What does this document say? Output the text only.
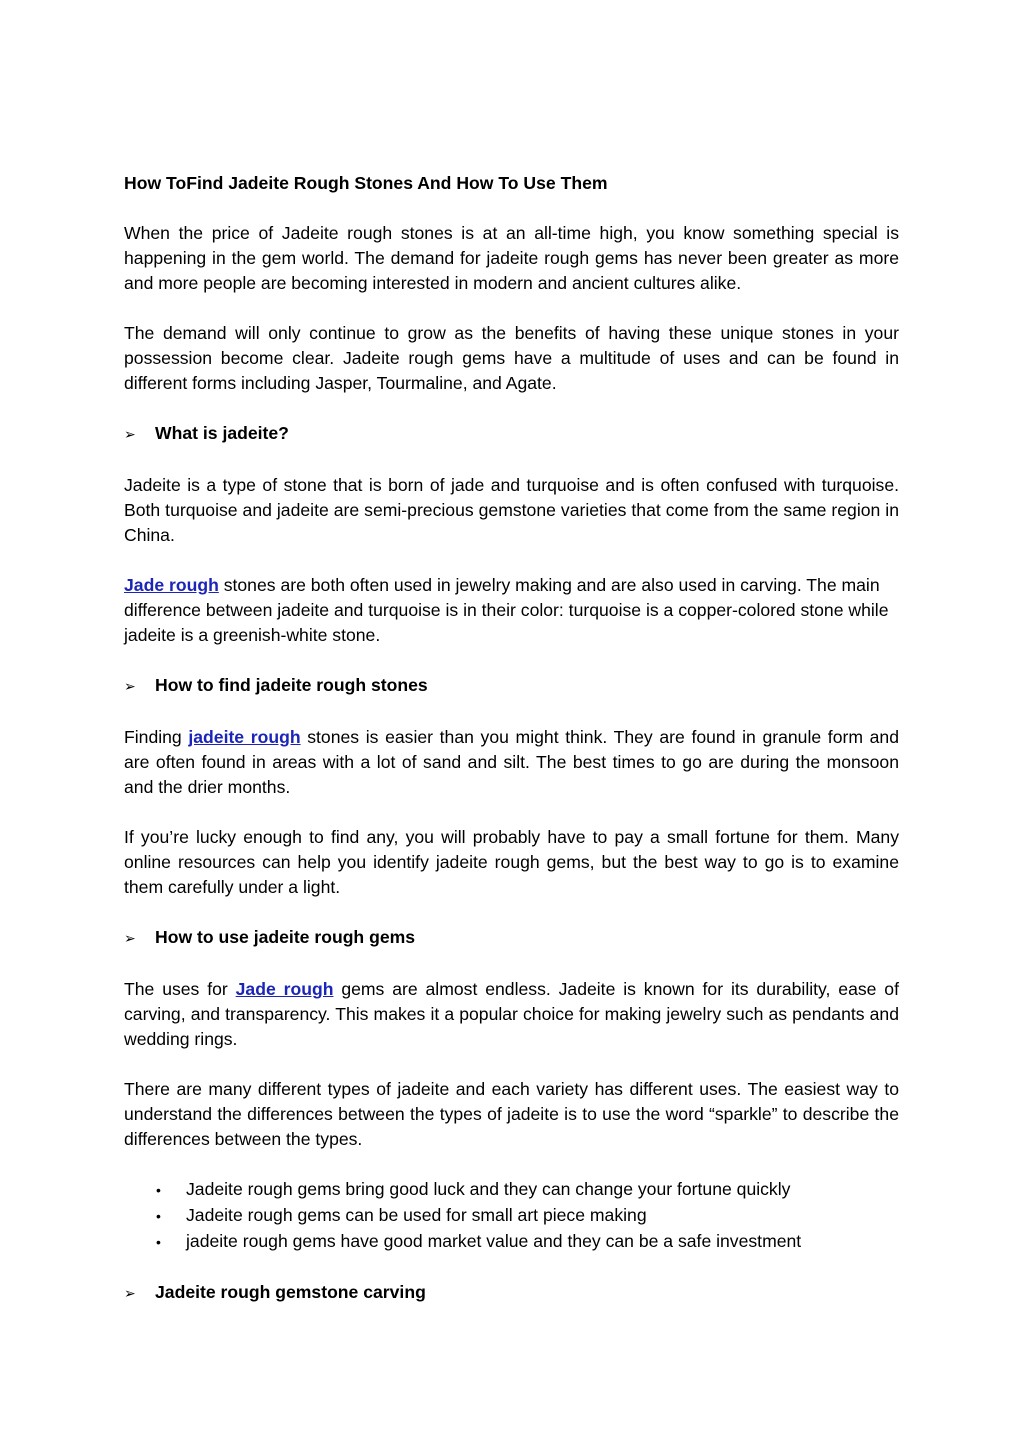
How ToFind Jadeite Rough Stones And How To Use Them

When the price of Jadeite rough stones is at an all-time high, you know something special is happening in the gem world. The demand for jadeite rough gems has never been greater as more and more people are becoming interested in modern and ancient cultures alike.

The demand will only continue to grow as the benefits of having these unique stones in your possession become clear. Jadeite rough gems have a multitude of uses and can be found in different forms including Jasper, Tourmaline, and Agate.

➢	What is jadeite?

Jadeite is a type of stone that is born of jade and turquoise and is often confused with turquoise. Both turquoise and jadeite are semi-precious gemstone varieties that come from the same region in China.

Jade rough stones are both often used in jewelry making and are also used in carving. The main difference between jadeite and turquoise is in their color: turquoise is a copper-colored stone while jadeite is a greenish-white stone.

➢	How to find jadeite rough stones

Finding jadeite rough stones is easier than you might think. They are found in granule form and are often found in areas with a lot of sand and silt. The best times to go are during the monsoon and the drier months.

If you’re lucky enough to find any, you will probably have to pay a small fortune for them. Many online resources can help you identify jadeite rough gems, but the best way to go is to examine them carefully under a light.

➢	How to use jadeite rough gems

The uses for Jade rough gems are almost endless. Jadeite is known for its durability, ease of carving, and transparency. This makes it a popular choice for making jewelry such as pendants and wedding rings.

There are many different types of jadeite and each variety has different uses. The easiest way to understand the differences between the types of jadeite is to use the word “sparkle” to describe the differences between the types.

•	Jadeite rough gems bring good luck and they can change your fortune quickly
•	Jadeite rough gems can be used for small art piece making
•	jadeite rough gems have good market value and they can be a safe investment
➢	Jadeite rough gemstone carving
